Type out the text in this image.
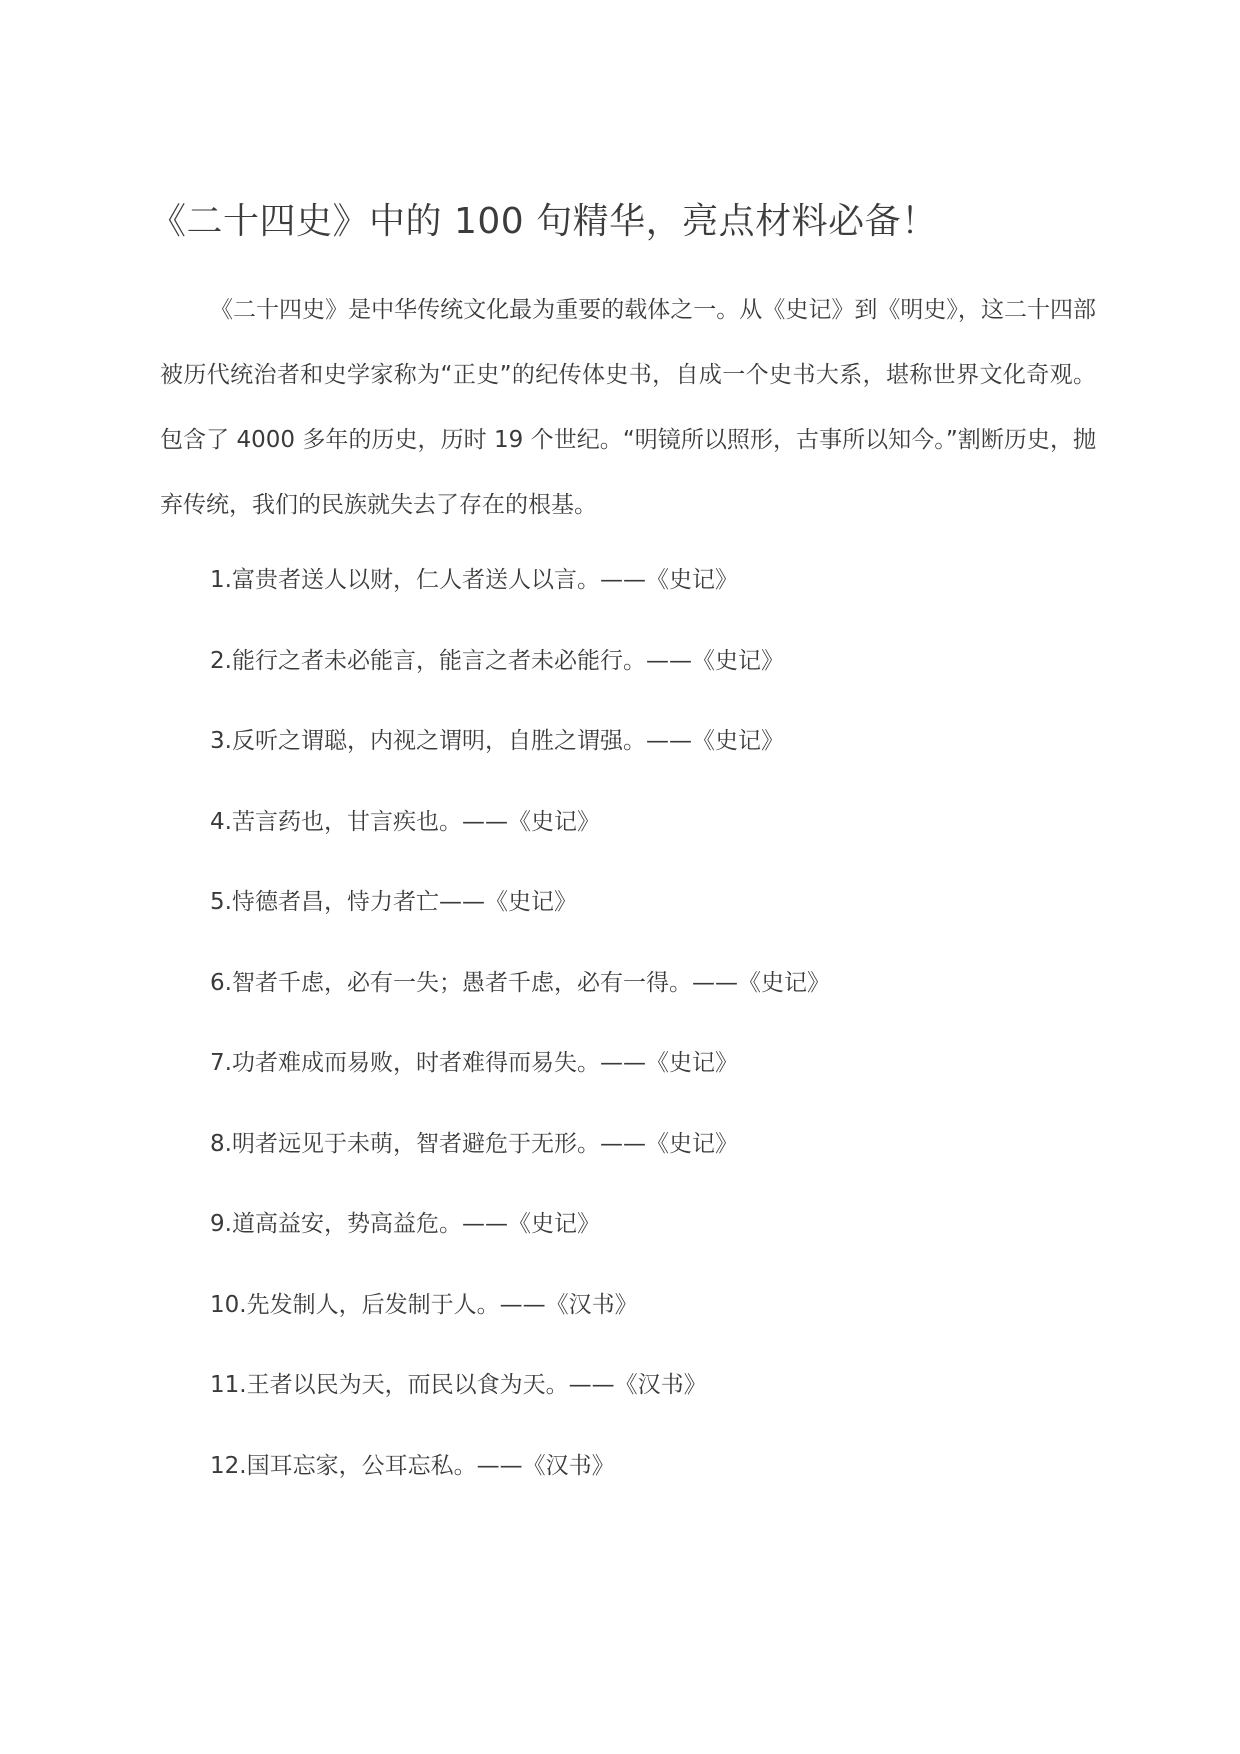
《二十四史》中的 100 句精华，亮点材料必备！

《二十四史》是中华传统文化最为重要的载体之一。从《史记》到《明史》，这二十四部被历代统治者和史学家称为“正史”的纪传体史书，自成一个史书大系，堪称世界文化奇观。包含了 4000 多年的历史，历时 19 个世纪。“明镜所以照形，古事所以知今。”割断历史，抛弃传统，我们的民族就失去了存在的根基。

1.富贵者送人以财，仁人者送人以言。——《史记》
2.能行之者未必能言，能言之者未必能行。——《史记》
3.反听之谓聪，内视之谓明，自胜之谓强。——《史记》
4.苦言药也，甘言疾也。——《史记》
5.恃德者昌，恃力者亡——《史记》
6.智者千虑，必有一失；愚者千虑，必有一得。——《史记》
7.功者难成而易败，时者难得而易失。——《史记》
8.明者远见于未萌，智者避危于无形。——《史记》
9.道高益安，势高益危。——《史记》
10.先发制人，后发制于人。——《汉书》
11.王者以民为天，而民以食为天。——《汉书》
12.国耳忘家，公耳忘私。——《汉书》
